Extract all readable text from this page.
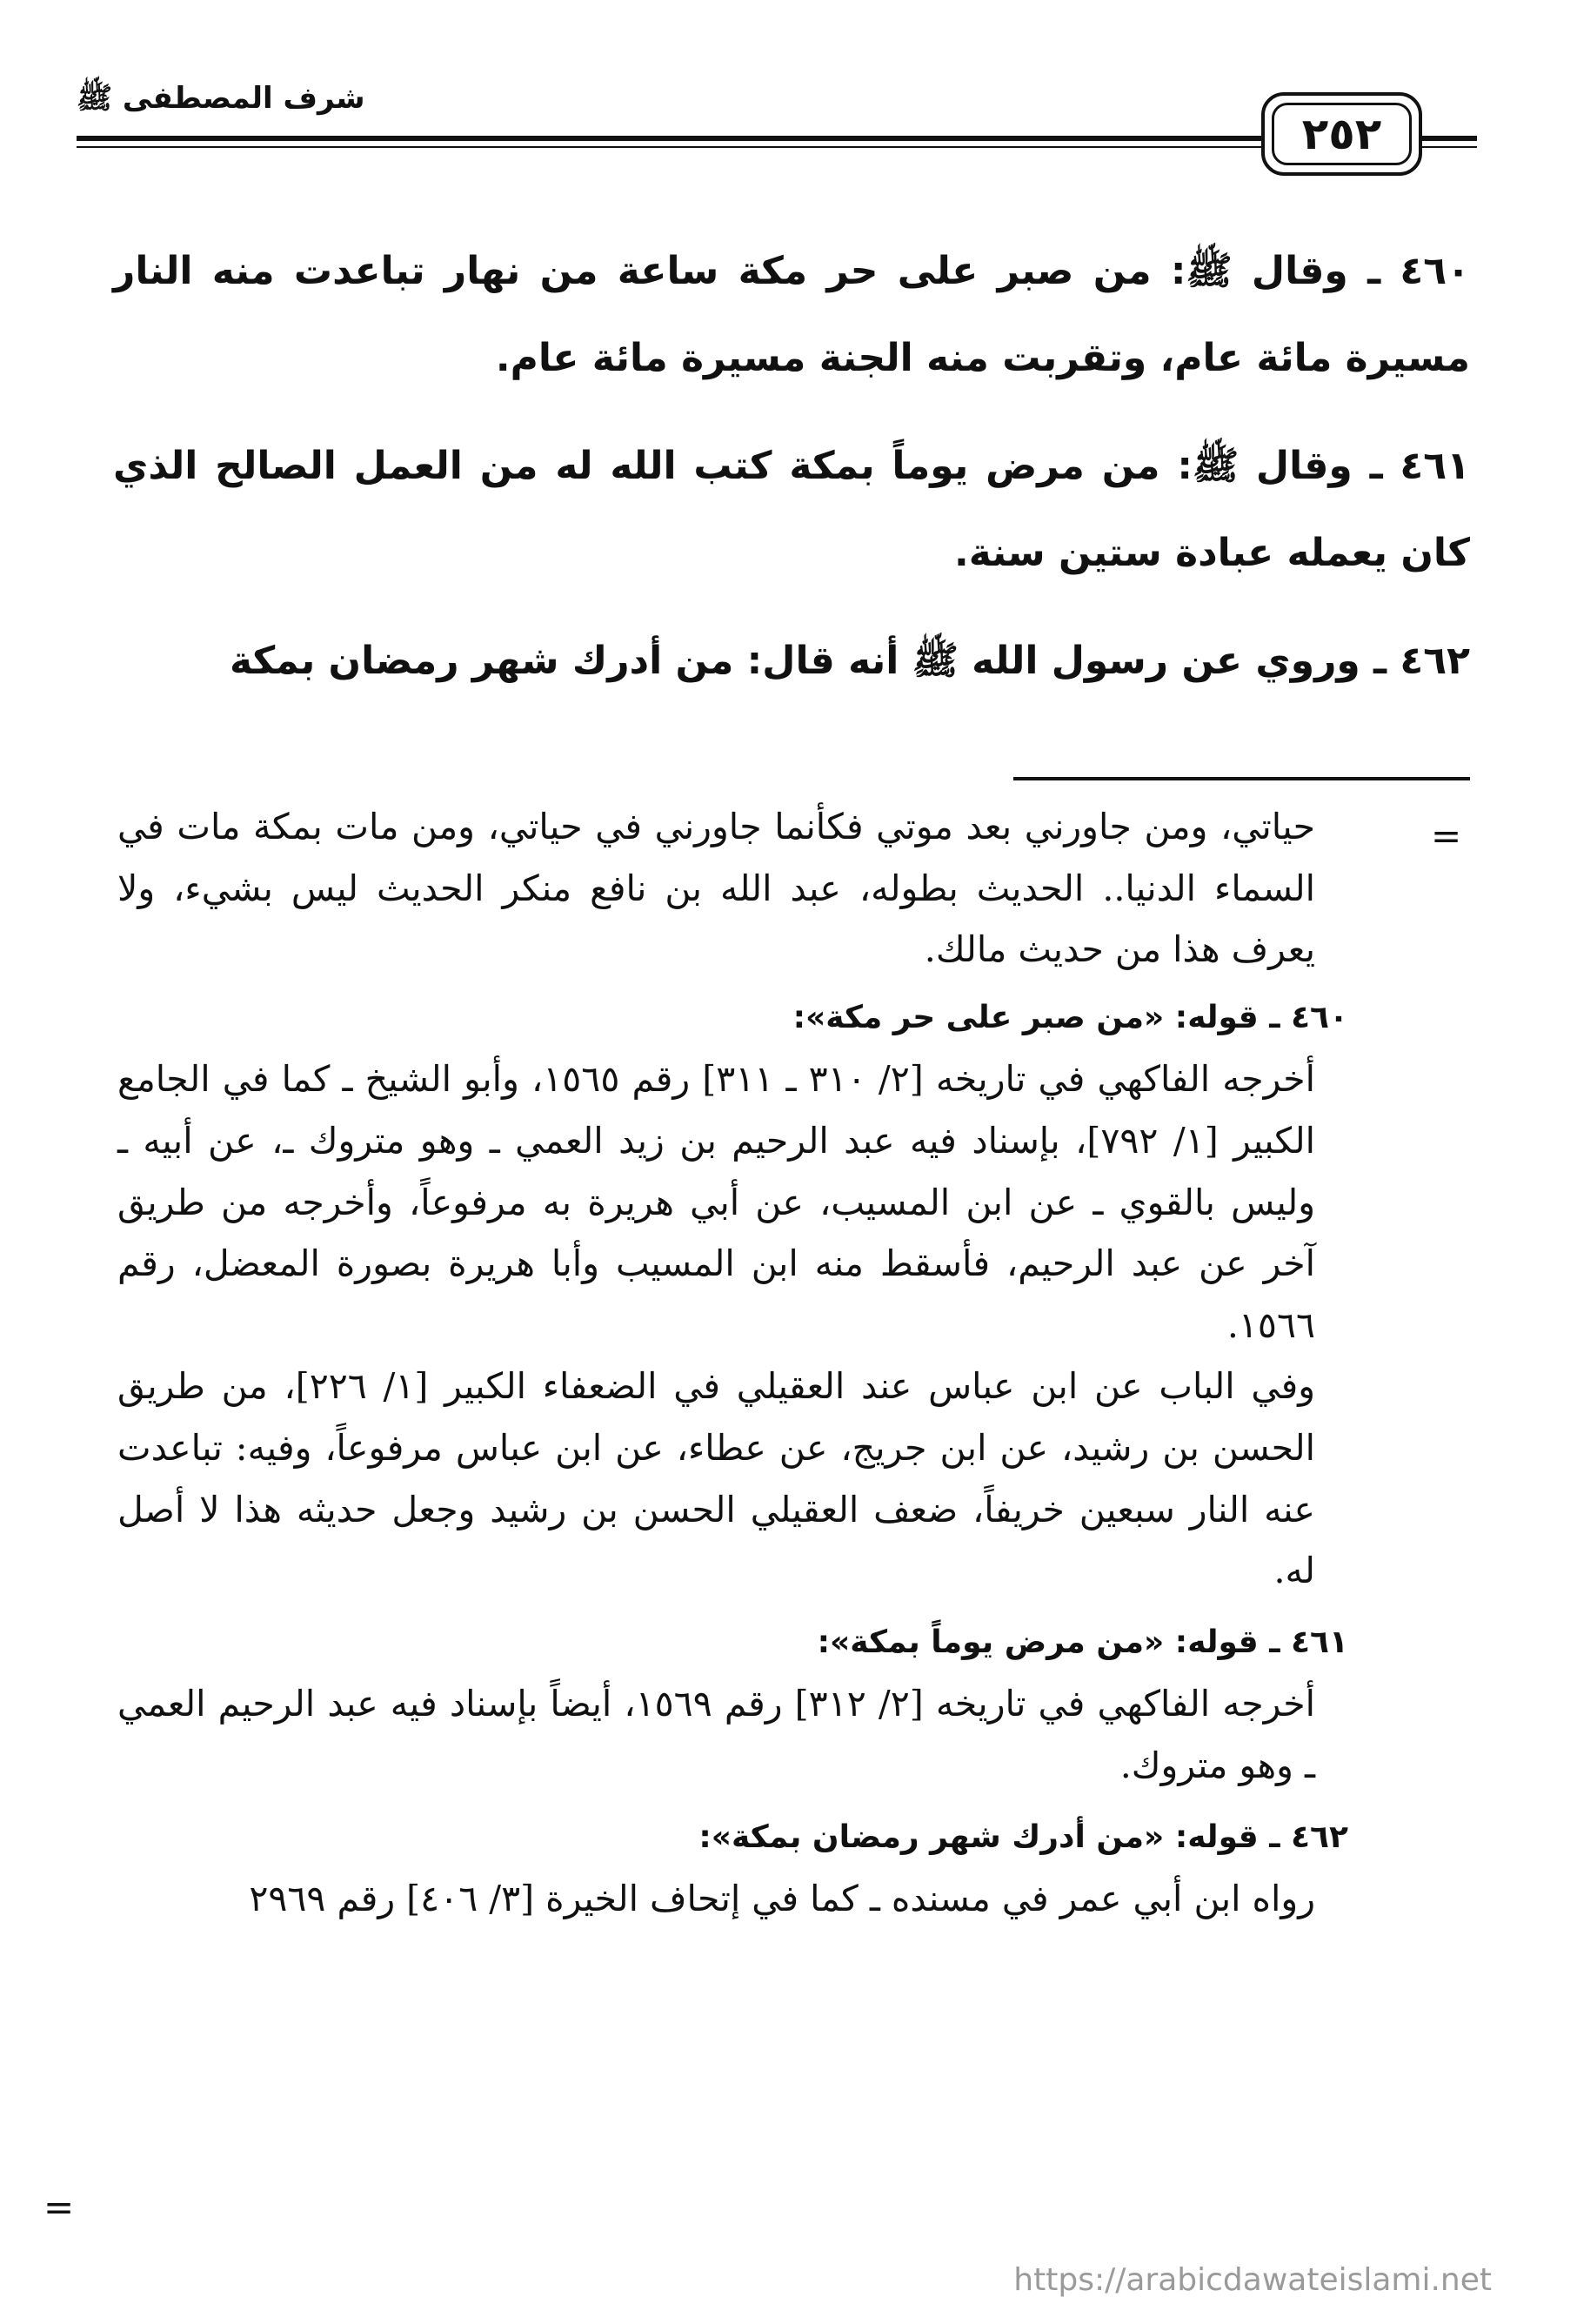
شرف المصطفى ﷺ
٢٥٢

٤٦٠ ـ وقال ﷺ: من صبر على حر مكة ساعة من نهار تباعدت منه النار مسيرة مائة عام، وتقربت منه الجنة مسيرة مائة عام.

٤٦١ ـ وقال ﷺ: من مرض يوماً بمكة كتب الله له من العمل الصالح الذي كان يعمله عبادة ستين سنة.

٤٦٢ ـ وروي عن رسول الله ﷺ أنه قال: من أدرك شهر رمضان بمكة

=
=

حياتي، ومن جاورني بعد موتي فكأنما جاورني في حياتي، ومن مات بمكة مات في السماء الدنيا.. الحديث بطوله، عبد الله بن نافع منكر الحديث ليس بشيء، ولا يعرف هذا من حديث مالك.

٤٦٠ ـ قوله: «من صبر على حر مكة»:

أخرجه الفاكهي في تاريخه [٢/ ٣١٠ ـ ٣١١] رقم ١٥٦٥، وأبو الشيخ ـ كما في الجامع الكبير [١/ ٧٩٢]، بإسناد فيه عبد الرحيم بن زيد العمي ـ وهو متروك ـ، عن أبيه ـ وليس بالقوي ـ عن ابن المسيب، عن أبي هريرة به مرفوعاً، وأخرجه من طريق آخر عن عبد الرحيم، فأسقط منه ابن المسيب وأبا هريرة بصورة المعضل، رقم ١٥٦٦.

وفي الباب عن ابن عباس عند العقيلي في الضعفاء الكبير [١/ ٢٢٦]، من طريق الحسن بن رشيد، عن ابن جريج، عن عطاء، عن ابن عباس مرفوعاً، وفيه: تباعدت عنه النار سبعين خريفاً، ضعف العقيلي الحسن بن رشيد وجعل حديثه هذا لا أصل له.

٤٦١ ـ قوله: «من مرض يوماً بمكة»:

أخرجه الفاكهي في تاريخه [٢/ ٣١٢] رقم ١٥٦٩، أيضاً بإسناد فيه عبد الرحيم العمي ـ وهو متروك.

٤٦٢ ـ قوله: «من أدرك شهر رمضان بمكة»:

رواه ابن أبي عمر في مسنده ـ كما في إتحاف الخيرة [٣/ ٤٠٦] رقم ٢٩٦٩

https://arabicdawateislami.net
